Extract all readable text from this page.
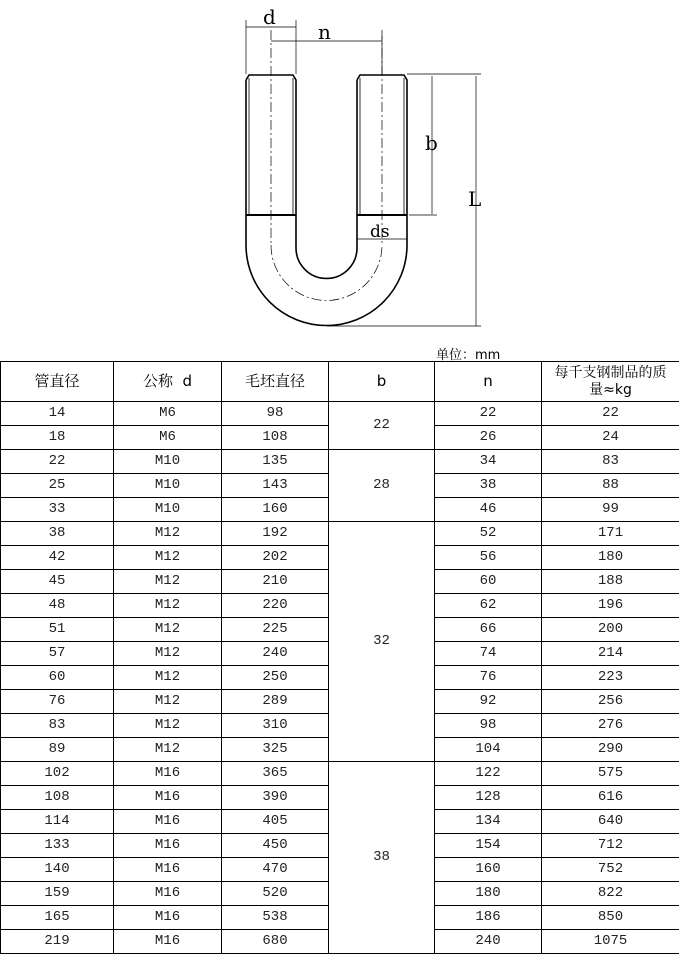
d
n
b
L
ds
单位：mm
管直径	公称  d	毛坯直径	b	n	每千支钢制品的质
量≈kg

14	M6	98	22	22	22
18	M6	108		26	24
22	M10	135	28	34	83
25	M10	143		38	88
33	M10	160		46	99
38	M12	192	32	52	171
42	M12	202		56	180
45	M12	210		60	188
48	M12	220		62	196
51	M12	225		66	200
57	M12	240		74	214
60	M12	250		76	223
76	M12	289		92	256
83	M12	310		98	276
89	M12	325		104	290
102	M16	365	38	122	575
108	M16	390		128	616
114	M16	405		134	640
133	M16	450		154	712
140	M16	470		160	752
159	M16	520		180	822
165	M16	538		186	850
219	M16	680		240	1075
